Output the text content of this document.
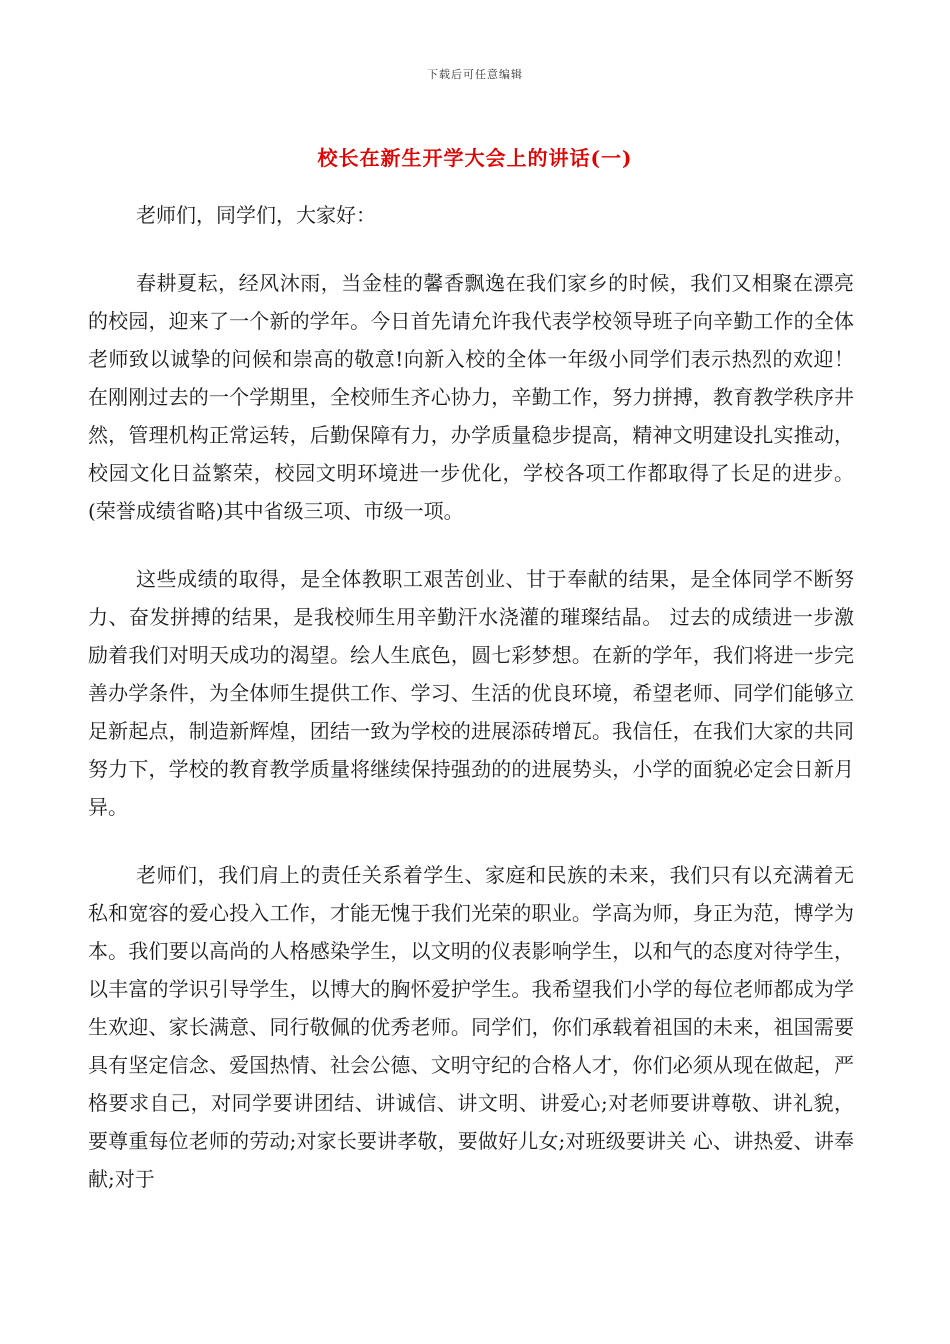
下载后可任意编辑
校长在新生开学大会上的讲话(一)

老师们，同学们，大家好：

春耕夏耘，经风沐雨，当金桂的馨香飘逸在我们家乡的时候，我们又相聚在漂亮的校园，迎来了一个新的学年。今日首先请允许我代表学校领导班子向辛勤工作的全体老师致以诚挚的问候和崇高的敬意!向新入校的全体一年级小同学们表示热烈的欢迎！在刚刚过去的一个学期里，全校师生齐心协力，辛勤工作，努力拼搏，教育教学秩序井然，管理机构正常运转，后勤保障有力，办学质量稳步提高，精神文明建设扎实推动，校园文化日益繁荣，校园文明环境进一步优化，学校各项工作都取得了长足的进步。(荣誉成绩省略)其中省级三项、市级一项。

这些成绩的取得，是全体教职工艰苦创业、甘于奉献的结果，是全体同学不断努力、奋发拼搏的结果，是我校师生用辛勤汗水浇灌的璀璨结晶。 过去的成绩进一步激励着我们对明天成功的渴望。绘人生底色，圆七彩梦想。在新的学年，我们将进一步完善办学条件，为全体师生提供工作、学习、生活的优良环境，希望老师、同学们能够立足新起点，制造新辉煌，团结一致为学校的进展添砖增瓦。我信任，在我们大家的共同努力下，学校的教育教学质量将继续保持强劲的的进展势头，小学的面貌必定会日新月异。

老师们，我们肩上的责任关系着学生、家庭和民族的未来，我们只有以充满着无私和宽容的爱心投入工作，才能无愧于我们光荣的职业。学高为师，身正为范，博学为本。我们要以高尚的人格感染学生，以文明的仪表影响学生，以和气的态度对待学生，以丰富的学识引导学生，以博大的胸怀爱护学生。我希望我们小学的每位老师都成为学生欢迎、家长满意、同行敬佩的优秀老师。同学们，你们承载着祖国的未来，祖国需要具有坚定信念、爱国热情、社会公德、文明守纪的合格人才，你们必须从现在做起，严格要求自己，对同学要讲团结、讲诚信、讲文明、讲爱心;对老师要讲尊敬、讲礼貌，要尊重每位老师的劳动;对家长要讲孝敬，要做好儿女;对班级要讲关 心、讲热爱、讲奉献;对于
